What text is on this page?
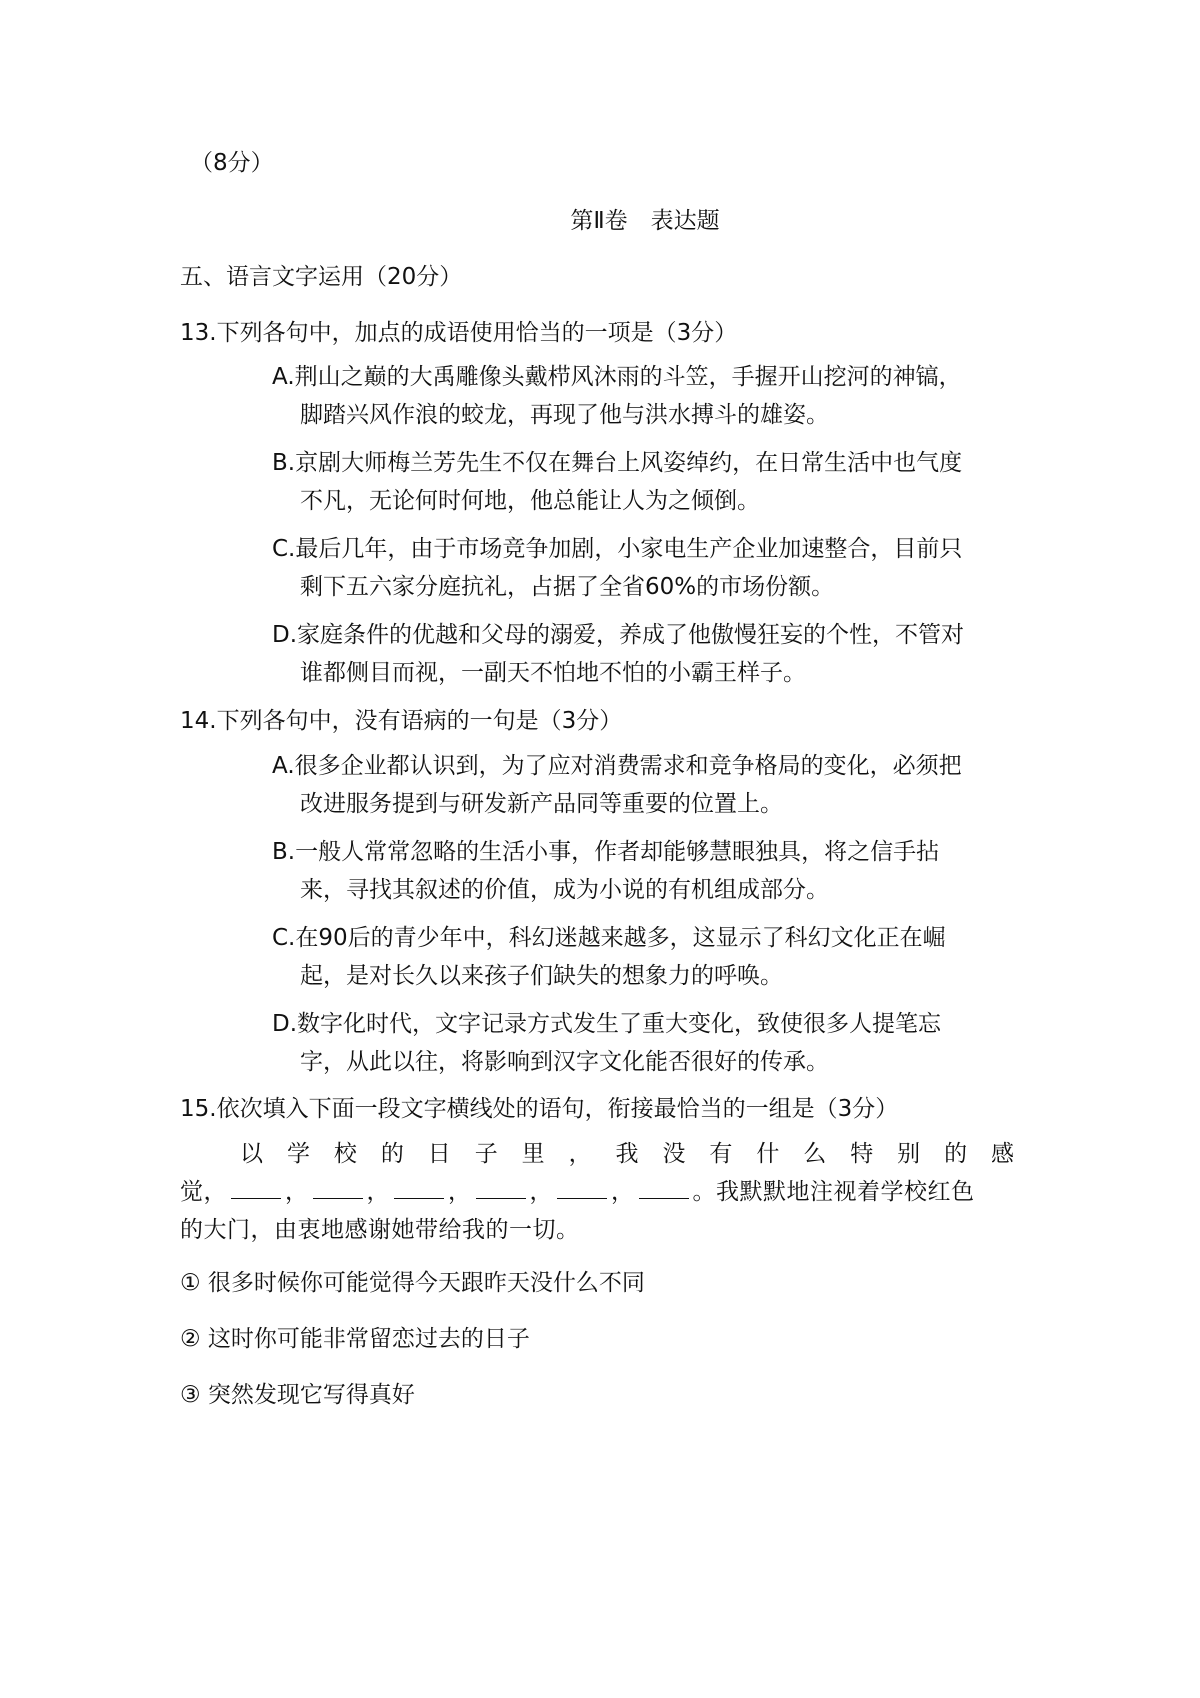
（8分）
第Ⅱ卷　表达题
五、语言文字运用（20分）
13.下列各句中，加点的成语使用恰当的一项是（3分）
A.荆山之巅的大禹雕像头戴栉风沐雨的斗笠，手握开山挖河的神镐，
脚踏兴风作浪的蛟龙，再现了他与洪水搏斗的雄姿。
B.京剧大师梅兰芳先生不仅在舞台上风姿绰约，在日常生活中也气度
不凡，无论何时何地，他总能让人为之倾倒。
C.最后几年，由于市场竞争加剧，小家电生产企业加速整合，目前只
剩下五六家分庭抗礼，占据了全省60%的市场份额。
D.家庭条件的优越和父母的溺爱，养成了他傲慢狂妄的个性，不管对
谁都侧目而视，一副天不怕地不怕的小霸王样子。
14.下列各句中，没有语病的一句是（3分）
A.很多企业都认识到，为了应对消费需求和竞争格局的变化，必须把
改进服务提到与研发新产品同等重要的位置上。
B.一般人常常忽略的生活小事，作者却能够慧眼独具，将之信手拈
来，寻找其叙述的价值，成为小说的有机组成部分。
C.在90后的青少年中，科幻迷越来越多，这显示了科幻文化正在崛
起，是对长久以来孩子们缺失的想象力的呼唤。
D.数字化时代，文字记录方式发生了重大变化，致使很多人提笔忘
字，从此以往，将影响到汉字文化能否很好的传承。
15.依次填入下面一段文字横线处的语句，衔接最恰当的一组是（3分）
以学校的日子里，我没有什么特别的感
觉，	，	，	，	，	，	。我默默地注视着学校红色
的大门，由衷地感谢她带给我的一切。
① 很多时候你可能觉得今天跟昨天没什么不同
② 这时你可能非常留恋过去的日子
③ 突然发现它写得真好
